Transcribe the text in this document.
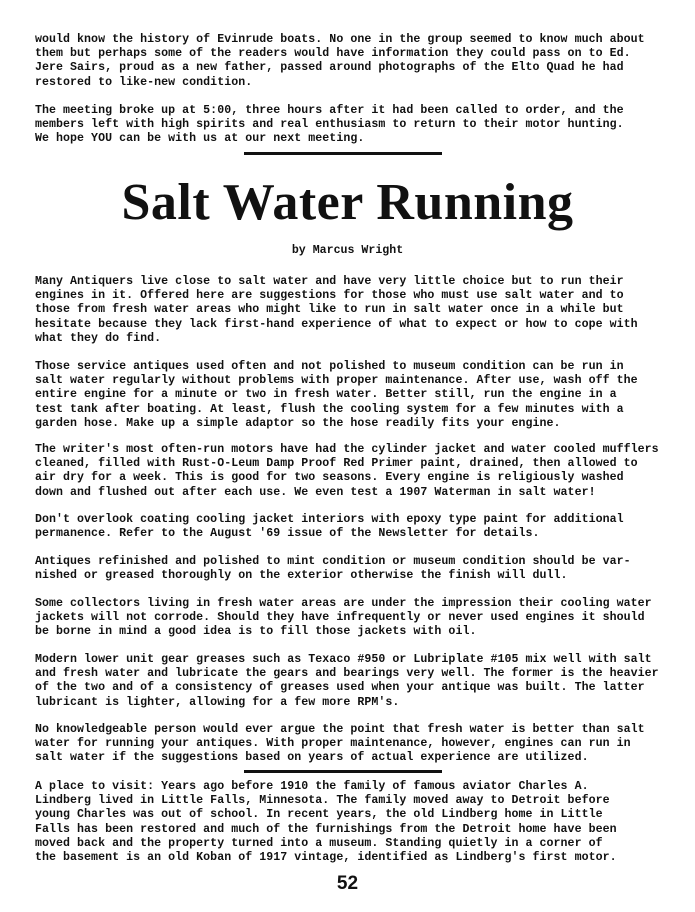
would know the history of Evinrude boats. No one in the group seemed to know much about
them but perhaps some of the readers would have information they could pass on to Ed.
Jere Sairs, proud as a new father, passed around photographs of the Elto Quad he had
restored to like-new condition.

The meeting broke up at 5:00, three hours after it had been called to order, and the
members left with high spirits and real enthusiasm to return to their motor hunting.
We hope YOU can be with us at our next meeting.

Salt Water Running
by Marcus Wright

Many Antiquers live close to salt water and have very little choice but to run their
engines in it. Offered here are suggestions for those who must use salt water and to
those from fresh water areas who might like to run in salt water once in a while but
hesitate because they lack first-hand experience of what to expect or how to cope with
what they do find.

Those service antiques used often and not polished to museum condition can be run in
salt water regularly without problems with proper maintenance. After use, wash off the
entire engine for a minute or two in fresh water. Better still, run the engine in a
test tank after boating. At least, flush the cooling system for a few minutes with a
garden hose. Make up a simple adaptor so the hose readily fits your engine.

The writer's most often-run motors have had the cylinder jacket and water cooled mufflers
cleaned, filled with Rust-O-Leum Damp Proof Red Primer paint, drained, then allowed to
air dry for a week. This is good for two seasons. Every engine is religiously washed
down and flushed out after each use. We even test a 1907 Waterman in salt water!

Don't overlook coating cooling jacket interiors with epoxy type paint for additional
permanence. Refer to the August '69 issue of the Newsletter for details.

Antiques refinished and polished to mint condition or museum condition should be var-
nished or greased thoroughly on the exterior otherwise the finish will dull.

Some collectors living in fresh water areas are under the impression their cooling water
jackets will not corrode. Should they have infrequently or never used engines it should
be borne in mind a good idea is to fill those jackets with oil.

Modern lower unit gear greases such as Texaco #950 or Lubriplate #105 mix well with salt
and fresh water and lubricate the gears and bearings very well. The former is the heavier
of the two and of a consistency of greases used when your antique was built. The latter
lubricant is lighter, allowing for a few more RPM's.

No knowledgeable person would ever argue the point that fresh water is better than salt
water for running your antiques. With proper maintenance, however, engines can run in
salt water if the suggestions based on years of actual experience are utilized.

A place to visit: Years ago before 1910 the family of famous aviator Charles A.
Lindberg lived in Little Falls, Minnesota. The family moved away to Detroit before
young Charles was out of school. In recent years, the old Lindberg home in Little
Falls has been restored and much of the furnishings from the Detroit home have been
moved back and the property turned into a museum. Standing quietly in a corner of
the basement is an old Koban of 1917 vintage, identified as Lindberg's first motor.

52
